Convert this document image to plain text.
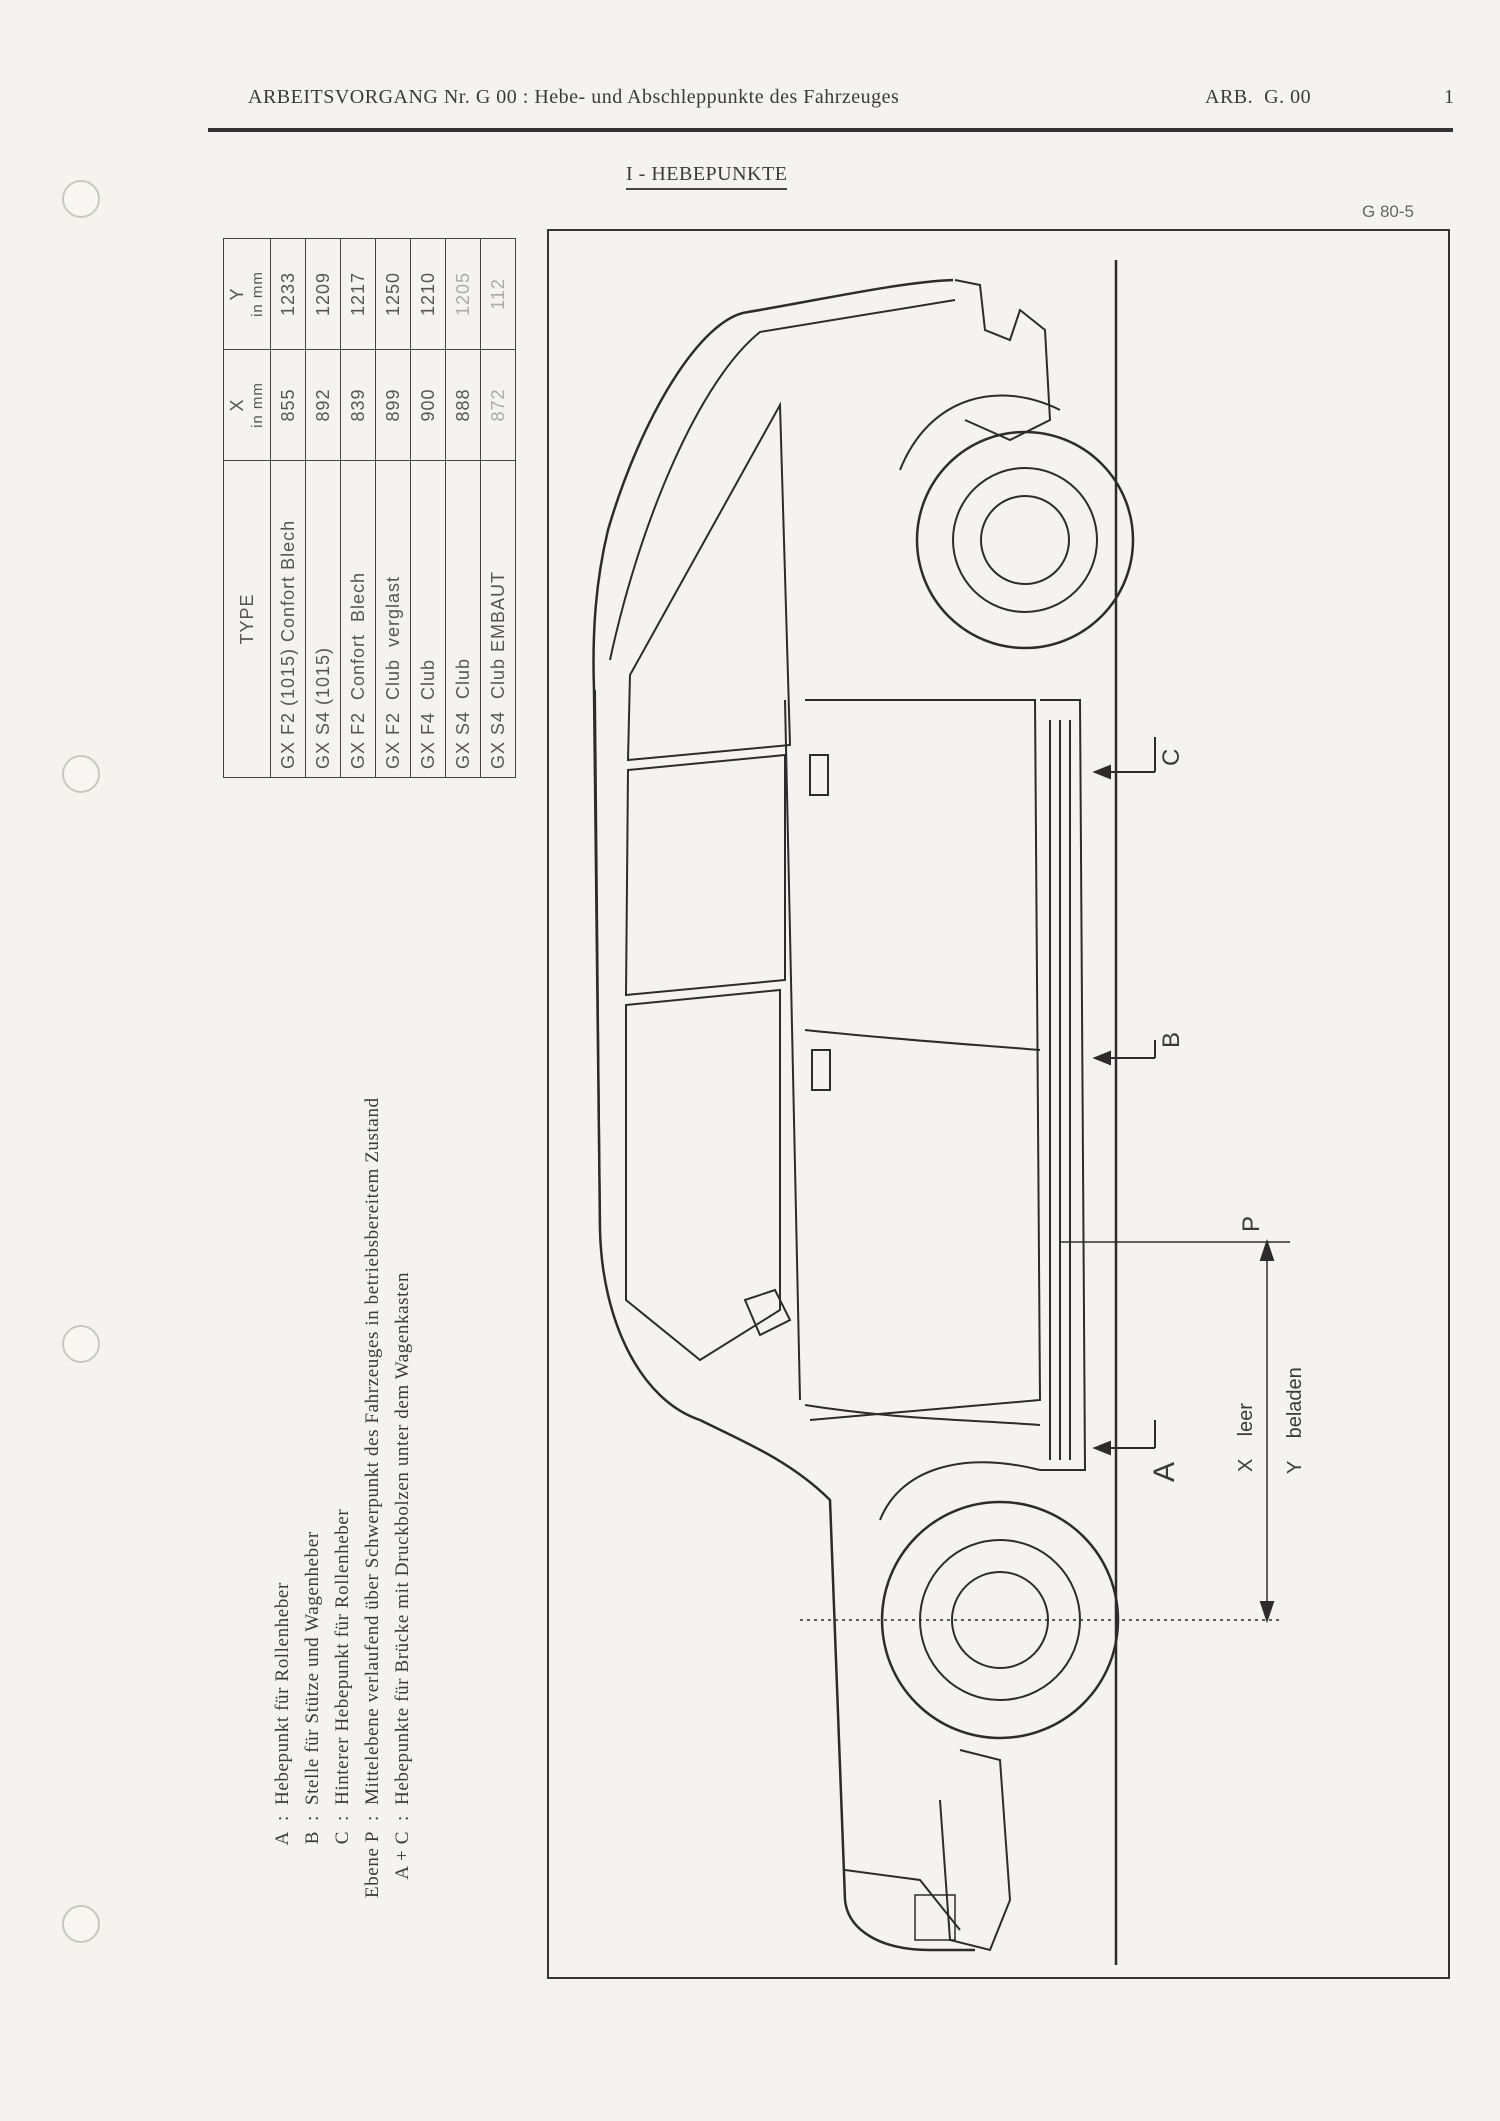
ARBEITSVORGANG Nr. G 00 : Hebe- und Abschleppunkte des Fahrzeuges	ARB.  G. 00	1
I - HEBEPUNKTE
G 80-5
C
B
P
A	X    leer
Y    beladen
TYPE	X in mm	Y in mm
GX F2 (1015) Confort Blech	855	1233
GX S4 (1015)	892	1209
GX F2  Confort  Blech	839	1217
GX F2  Club  verglast	899	1250
GX F4  Club	900	1210
GX S4  Club	888	1205
GX S4  Club EMBAUT	872	112
A:Hebepunkt für Rollenheber
B:Stelle für Stütze und Wagenheber
C:Hinterer Hebepunkt für Rollenheber
Ebene P:Mittelebene verlaufend über Schwerpunkt des Fahrzeuges in betriebsbereitem Zustand
A + C:Hebepunkte für Brücke mit Druckbolzen unter dem Wagenkasten
